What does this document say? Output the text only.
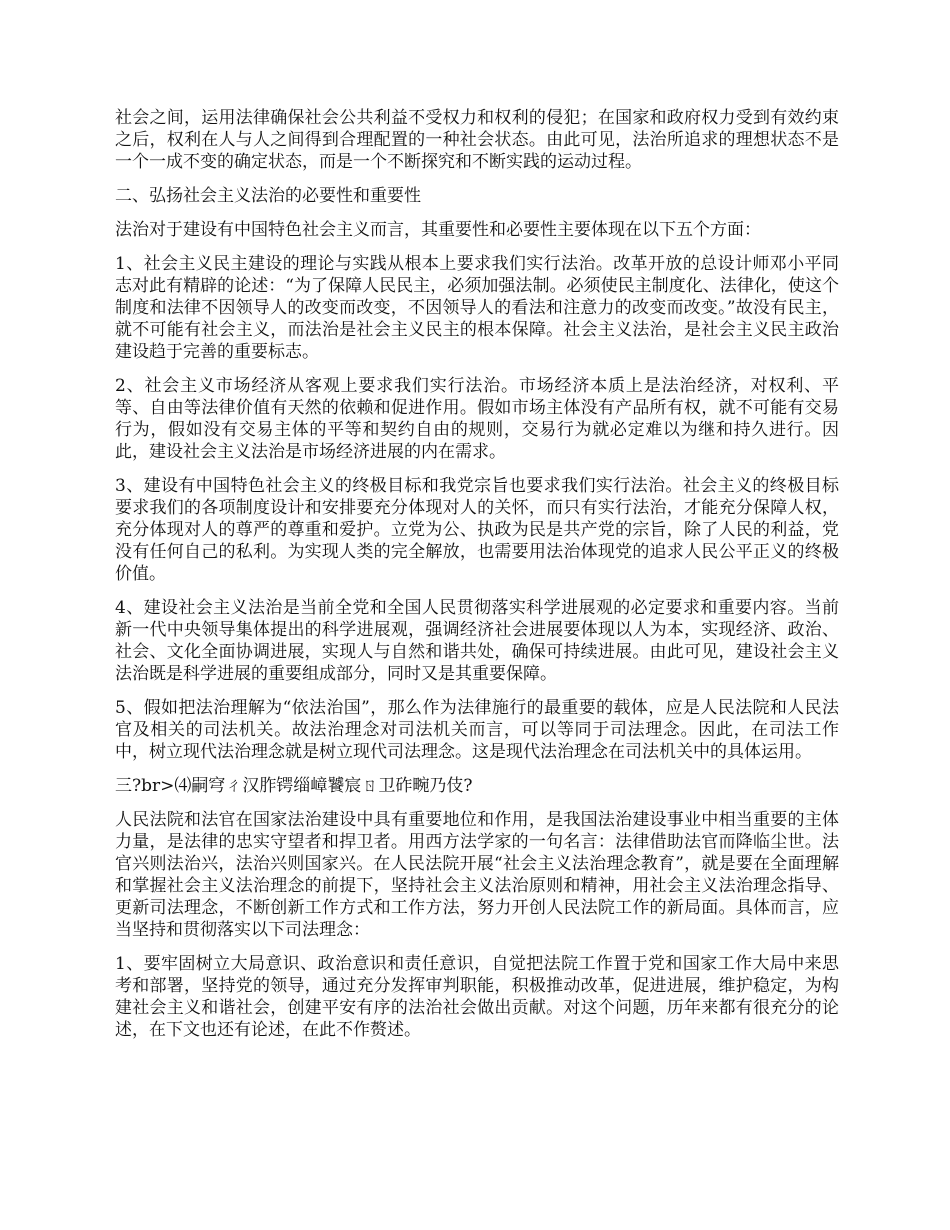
社会之间，运用法律确保社会公共利益不受权力和权利的侵犯；在国家和政府权力受到有效约束之后，权利在人与人之间得到合理配置的一种社会状态。由此可见，法治所追求的理想状态不是一个一成不变的确定状态，而是一个不断探究和不断实践的运动过程。

二、弘扬社会主义法治的必要性和重要性

法治对于建设有中国特色社会主义而言，其重要性和必要性主要体现在以下五个方面：

1、社会主义民主建设的理论与实践从根本上要求我们实行法治。改革开放的总设计师邓小平同志对此有精辟的论述：“为了保障人民民主，必须加强法制。必须使民主制度化、法律化，使这个制度和法律不因领导人的改变而改变，不因领导人的看法和注意力的改变而改变。”故没有民主，就不可能有社会主义，而法治是社会主义民主的根本保障。社会主义法治，是社会主义民主政治建设趋于完善的重要标志。

2、社会主义市场经济从客观上要求我们实行法治。市场经济本质上是法治经济，对权利、平等、自由等法律价值有天然的依赖和促进作用。假如市场主体没有产品所有权，就不可能有交易行为，假如没有交易主体的平等和契约自由的规则，交易行为就必定难以为继和持久进行。因此，建设社会主义法治是市场经济进展的内在需求。

3、建设有中国特色社会主义的终极目标和我党宗旨也要求我们实行法治。社会主义的终极目标要求我们的各项制度设计和安排要充分体现对人的关怀，而只有实行法治，才能充分保障人权，充分体现对人的尊严的尊重和爱护。立党为公、执政为民是共产党的宗旨，除了人民的利益，党没有任何自己的私利。为实现人类的完全解放，也需要用法治体现党的追求人民公平正义的终极价值。

4、建设社会主义法治是当前全党和全国人民贯彻落实科学进展观的必定要求和重要内容。当前新一代中央领导集体提出的科学进展观，强调经济社会进展要体现以人为本，实现经济、政治、社会、文化全面协调进展，实现人与自然和谐共处，确保可持续进展。由此可见，建设社会主义法治既是科学进展的重要组成部分，同时又是其重要保障。

5、假如把法治理解为“依法治国”，那么作为法律施行的最重要的载体，应是人民法院和人民法官及相关的司法机关。故法治理念对司法机关而言，可以等同于司法理念。因此，在司法工作中，树立现代法治理念就是树立现代司法理念。这是现代法治理念在司法机关中的具体运用。

三?br>⑷嗣穹ㄔ汉胙锷缁嶂饕宸ㄖ卫砟畹乃伎?

人民法院和法官在国家法治建设中具有重要地位和作用，是我国法治建设事业中相当重要的主体力量，是法律的忠实守望者和捍卫者。用西方法学家的一句名言：法律借助法官而降临尘世。法官兴则法治兴，法治兴则国家兴。在人民法院开展“社会主义法治理念教育”，就是要在全面理解和掌握社会主义法治理念的前提下，坚持社会主义法治原则和精神，用社会主义法治理念指导、更新司法理念，不断创新工作方式和工作方法，努力开创人民法院工作的新局面。具体而言，应当坚持和贯彻落实以下司法理念：

1、要牢固树立大局意识、政治意识和责任意识，自觉把法院工作置于党和国家工作大局中来思考和部署，坚持党的领导，通过充分发挥审判职能，积极推动改革，促进进展，维护稳定，为构建社会主义和谐社会，创建平安有序的法治社会做出贡献。对这个问题，历年来都有很充分的论述，在下文也还有论述，在此不作赘述。
